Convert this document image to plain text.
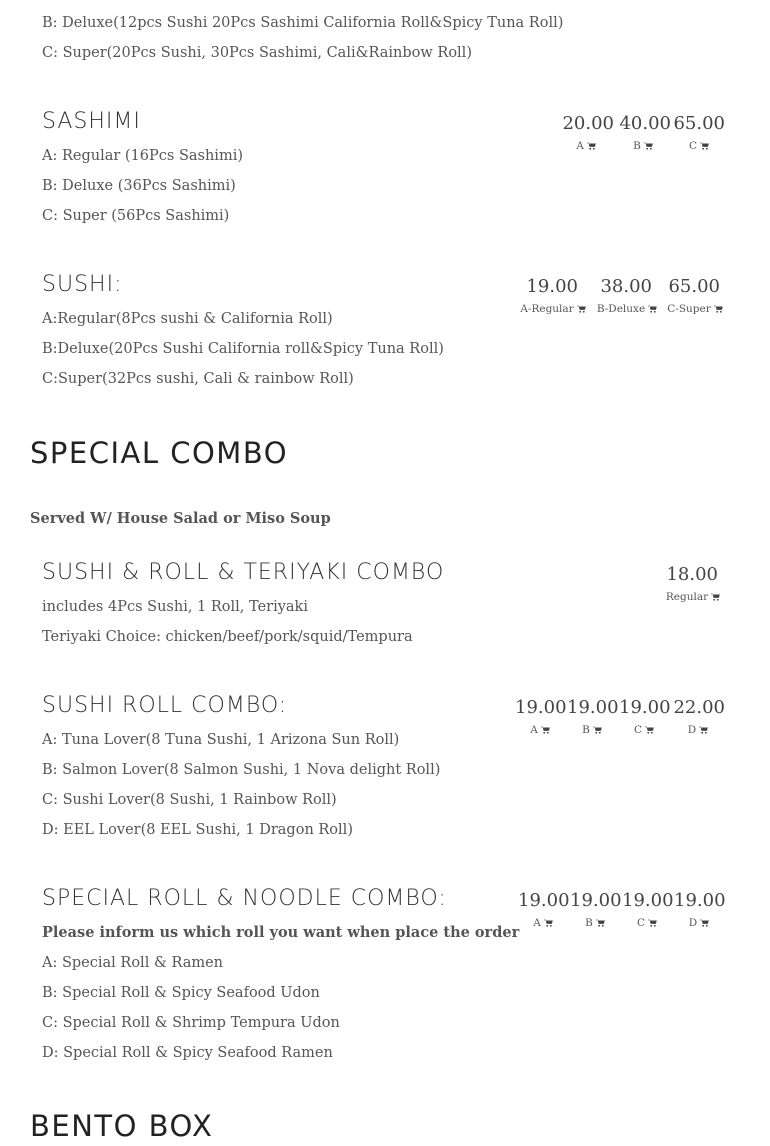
B: Deluxe(12pcs Sushi 20Pcs Sashimi California Roll&Spicy Tuna Roll)
C: Super(20Pcs Sushi, 30Pcs Sashimi, Cali&Rainbow Roll)
SASHIMI
A: Regular (16Pcs Sashimi)
B: Deluxe (36Pcs Sashimi)
C: Super (56Pcs Sashimi)
20.00 40.00 65.00
A	B	C
SUSHI:
A:Regular(8Pcs sushi & California Roll)
B:Deluxe(20Pcs Sushi California roll&Spicy Tuna Roll)
C:Super(32Pcs sushi, Cali & rainbow Roll)
19.00	38.00 65.00
A-Regular	B-Deluxe	C-Super
SPECIAL COMBO
Served W/ House Salad or Miso Soup
SUSHI & ROLL & TERIYAKI COMBO
includes 4Pcs Sushi, 1 Roll, Teriyaki
Teriyaki Choice: chicken/beef/pork/squid/Tempura
18.00
Regular
SUSHI ROLL COMBO:
A: Tuna Lover(8 Tuna Sushi, 1 Arizona Sun Roll)
B: Salmon Lover(8 Salmon Sushi, 1 Nova delight Roll)
C: Sushi Lover(8 Sushi, 1 Rainbow Roll)
D: EEL Lover(8 EEL Sushi, 1 Dragon Roll)
19.00 19.00 19.00 22.00
A	B	C	D
SPECIAL ROLL & NOODLE COMBO:
Please inform us which roll you want when place the order
A: Special Roll & Ramen
B: Special Roll & Spicy Seafood Udon
C: Special Roll & Shrimp Tempura Udon
D: Special Roll & Spicy Seafood Ramen
19.00 19.00 19.00 19.00
A	B	C	D
BENTO BOX
